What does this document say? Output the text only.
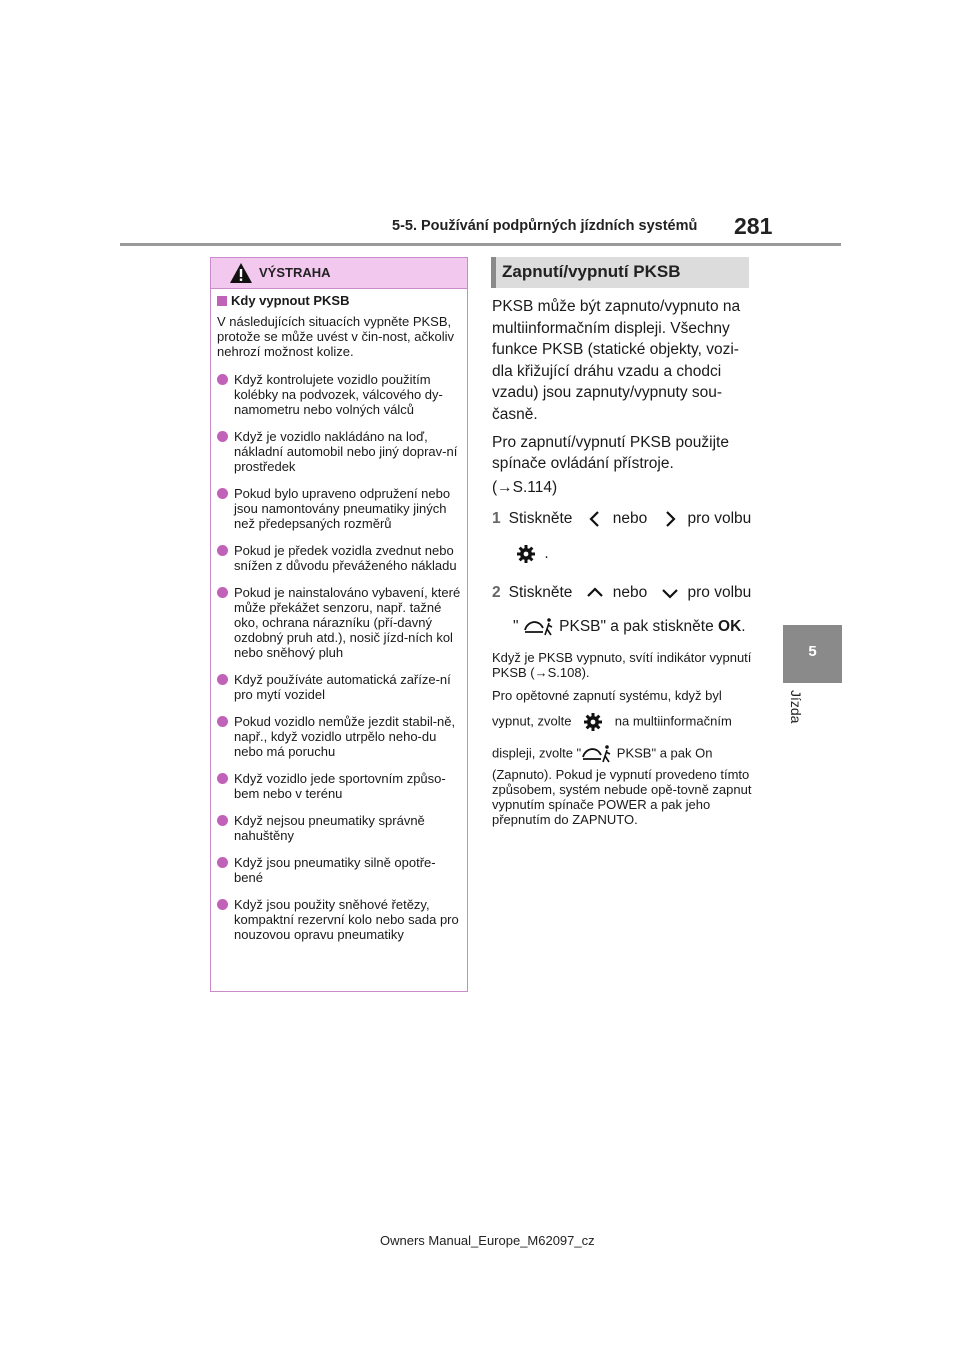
5-5. Používání podpůrných jízdních systémů 281
5
Jízda
VÝSTRAHA
Kdy vypnout PKSB
V následujících situacích vypněte PKSB, protože se může uvést v čin-nost, ačkoliv nehrozí možnost kolize.
Když kontrolujete vozidlo použitím kolébky na podvozek, válcového dy-namometru nebo volných válců
Když je vozidlo nakládáno na loď, nákladní automobil nebo jiný doprav-ní prostředek
Pokud bylo upraveno odpružení nebo jsou namontovány pneumatiky jiných než předepsaných rozměrů
Pokud je předek vozidla zvednut nebo snížen z důvodu převáženého nákladu
Pokud je nainstalováno vybavení, které může překážet senzoru, např. tažné oko, ochrana nárazníku (pří-davný ozdobný pruh atd.), nosič jízd-ních kol nebo sněhový pluh
Když používáte automatická zaříze-ní pro mytí vozidel
Pokud vozidlo nemůže jezdit stabil-ně, např., když vozidlo utrpělo neho-du nebo má poruchu
Když vozidlo jede sportovním způso-bem nebo v terénu
Když nejsou pneumatiky správně nahuštěny
Když jsou pneumatiky silně opotře-bené
Když jsou použity sněhové řetězy, kompaktní rezervní kolo nebo sada pro nouzovou opravu pneumatiky
Zapnutí/vypnutí PKSB
PKSB může být zapnuto/vypnuto na multiinformačním displeji. Všechny funkce PKSB (statické objekty, vozi-dla křižující dráhu vzadu a chodci vzadu) jsou zapnuty/vypnuty sou-časně.
Pro zapnutí/vypnutí PKSB použijte spínače ovládání přístroje.
(→S.114)
1 Stiskněte	nebo	pro volbu
.
2 Stiskněte	nebo	pro volbu
"	PKSB" a pak stiskněte OK.
Když je PKSB vypnuto, svítí indikátor vypnutí PKSB (→S.108).
Pro opětovné zapnutí systému, když byl
vypnut, zvolte	na multiinformačním
displeji, zvolte "	PKSB" a pak On
(Zapnuto). Pokud je vypnutí provedeno tímto způsobem, systém nebude opě-tovně zapnut vypnutím spínače POWER a pak jeho přepnutím do ZAPNUTO.
Owners Manual_Europe_M62097_cz
